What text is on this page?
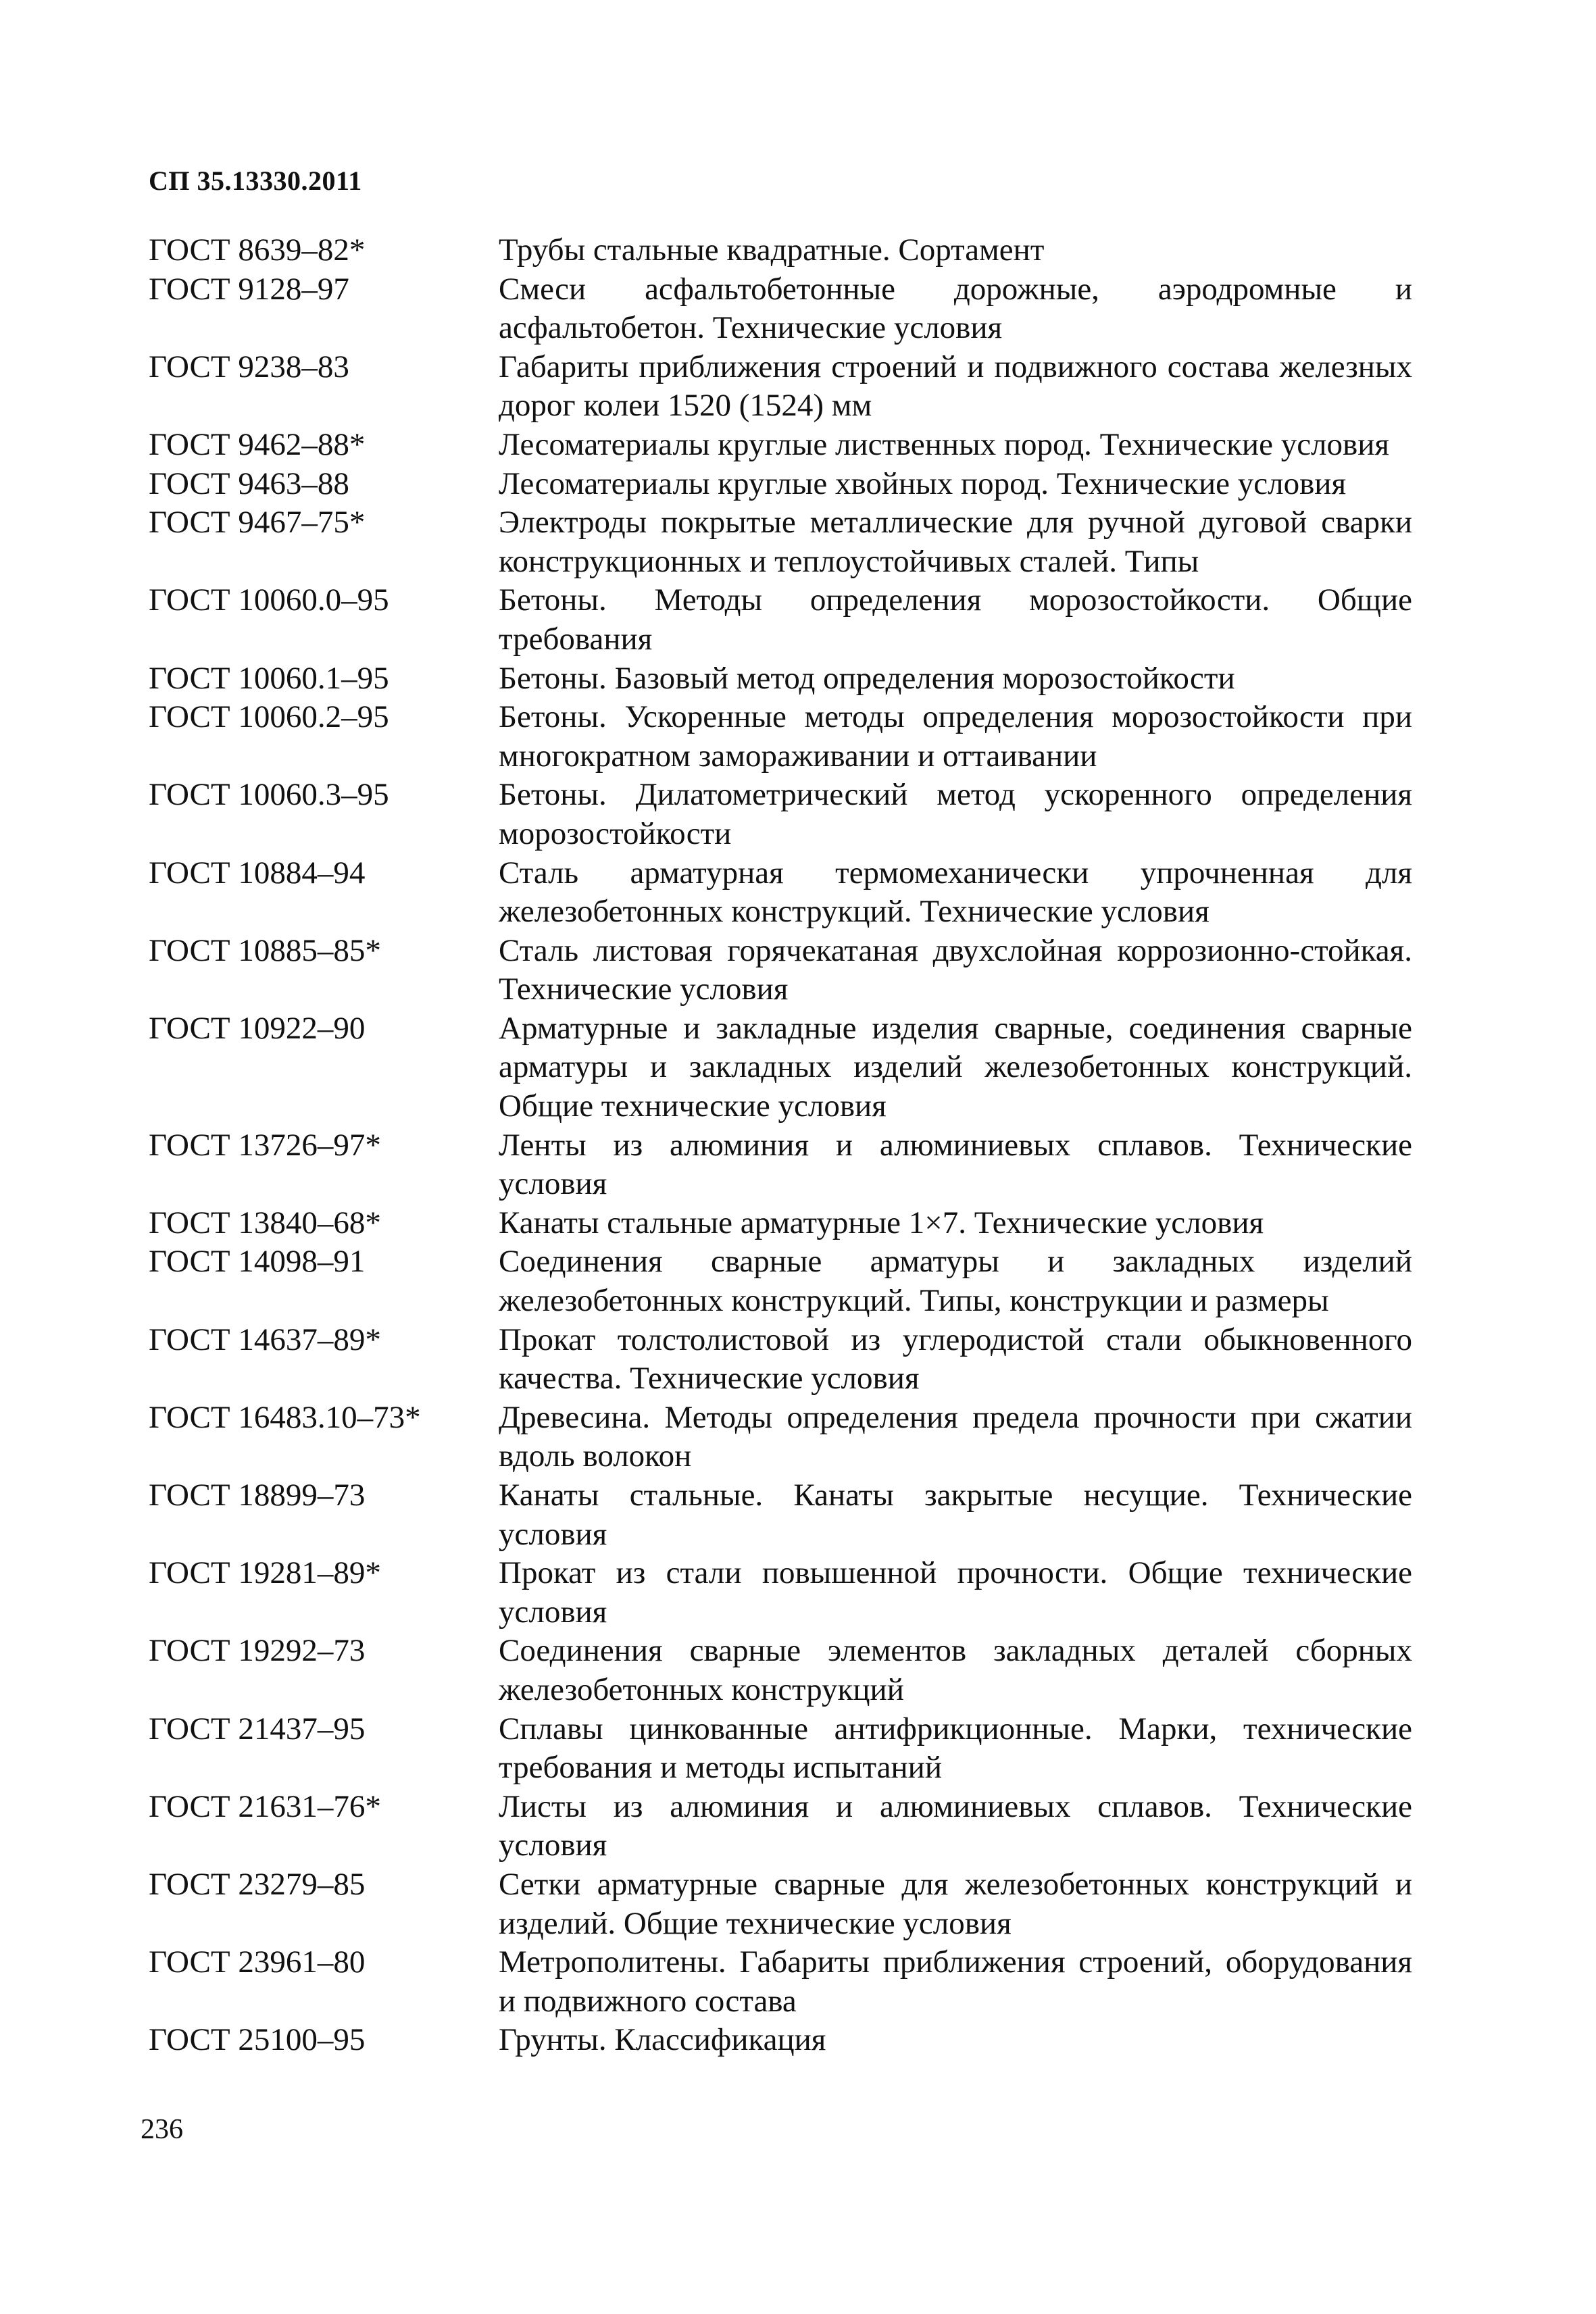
СП 35.13330.2011
ГОСТ 8639–82*	Трубы стальные квадратные. Сортамент
ГОСТ 9128–97	Смеси асфальтобетонные дорожные, аэродромные и асфальтобетон. Технические условия
ГОСТ 9238–83	Габариты приближения строений и подвижного состава железных дорог колеи 1520 (1524) мм
ГОСТ 9462–88*	Лесоматериалы круглые лиственных пород. Технические условия
ГОСТ 9463–88	Лесоматериалы круглые хвойных пород. Технические условия
ГОСТ 9467–75*	Электроды покрытые металлические для ручной дуговой сварки конструкционных и теплоустойчивых сталей. Типы
ГОСТ 10060.0–95	Бетоны. Методы определения морозостойкости. Общие требования
ГОСТ 10060.1–95	Бетоны. Базовый метод определения морозостойкости
ГОСТ 10060.2–95	Бетоны. Ускоренные методы определения морозостойкости при многократном замораживании и оттаивании
ГОСТ 10060.3–95	Бетоны. Дилатометрический метод ускоренного определения морозостойкости
ГОСТ 10884–94	Сталь арматурная термомеханически упрочненная для железобетонных конструкций. Технические условия
ГОСТ 10885–85*	Сталь листовая горячекатаная двухслойная коррозионно-стойкая. Технические условия
ГОСТ 10922–90	Арматурные и закладные изделия сварные, соединения сварные арматуры и закладных изделий железобетонных конструкций. Общие технические условия
ГОСТ 13726–97*	Ленты из алюминия и алюминиевых сплавов. Технические условия
ГОСТ 13840–68*	Канаты стальные арматурные 1×7. Технические условия
ГОСТ 14098–91	Соединения сварные арматуры и закладных изделий железобетонных конструкций. Типы, конструкции и размеры
ГОСТ 14637–89*	Прокат толстолистовой из углеродистой стали обыкновенного качества. Технические условия
ГОСТ 16483.10–73*	Древесина. Методы определения предела прочности при сжатии вдоль волокон
ГОСТ 18899–73	Канаты стальные. Канаты закрытые несущие. Технические условия
ГОСТ 19281–89*	Прокат из стали повышенной прочности. Общие технические условия
ГОСТ 19292–73	Соединения сварные элементов закладных деталей сборных железобетонных конструкций
ГОСТ 21437–95	Сплавы цинкованные антифрикционные. Марки, технические требования и методы испытаний
ГОСТ 21631–76*	Листы из алюминия и алюминиевых сплавов. Технические условия
ГОСТ 23279–85	Сетки арматурные сварные для железобетонных конструкций и изделий. Общие технические условия
ГОСТ 23961–80	Метрополитены. Габариты приближения строений, оборудования и подвижного состава
ГОСТ 25100–95	Грунты. Классификация
236
